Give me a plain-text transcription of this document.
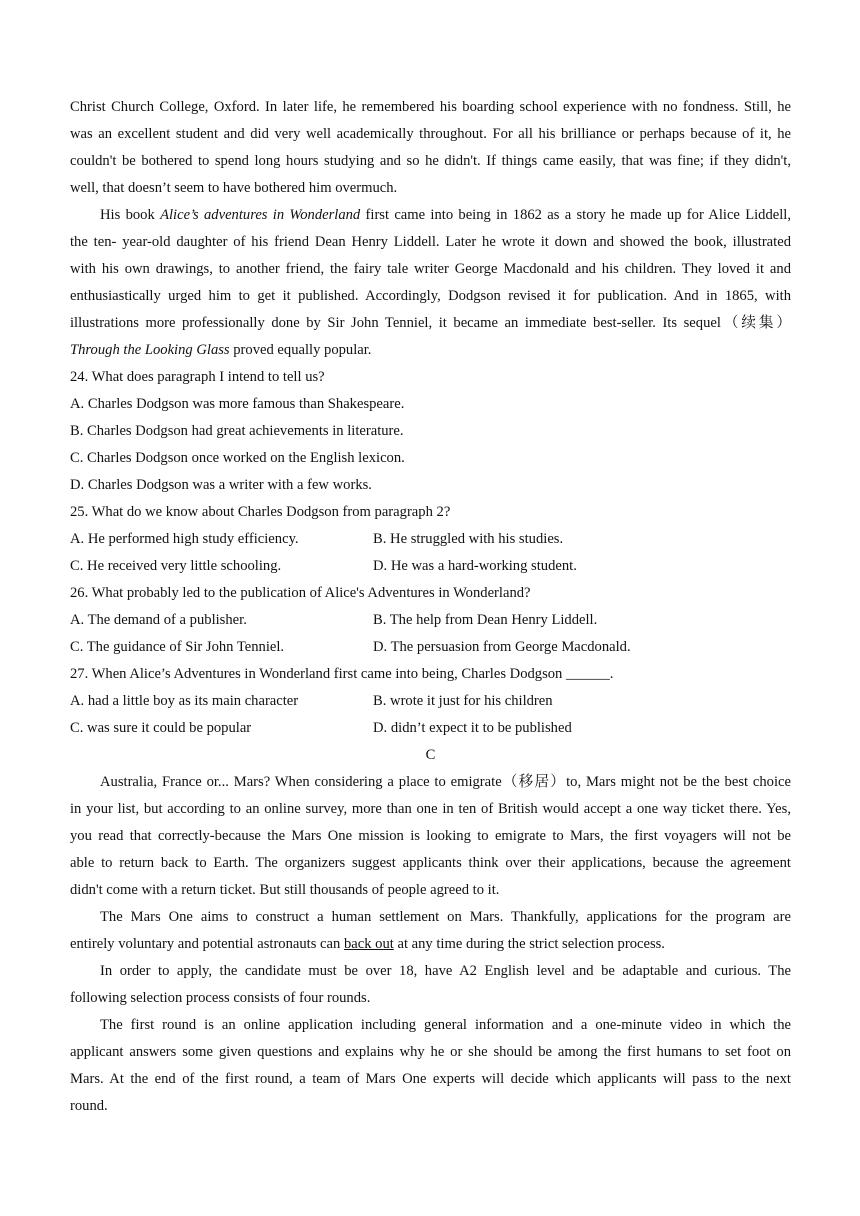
Christ Church College, Oxford. In later life, he remembered his boarding school experience with no fondness. Still, he
was an excellent student and did very well academically throughout. For all his brilliance or perhaps because of it, he
couldn't be bothered to spend long hours studying and so he didn't. If things came easily, that was fine; if they didn't,
well, that doesn’t seem to have bothered him overmuch.
His book Alice’s adventures in Wonderland first came into being in 1862 as a story he made up for Alice Liddell,
the ten- year-old daughter of his friend Dean Henry Liddell. Later he wrote it down and showed the book, illustrated
with his own drawings, to another friend, the fairy tale writer George Macdonald and his children. They loved it and
enthusiastically urged him to get it published. Accordingly, Dodgson revised it for publication. And in 1865, with
illustrations more professionally done by Sir John Tenniel, it became an immediate best-seller. Its sequel（续集）
Through the Looking Glass proved equally popular.
24. What does paragraph I intend to tell us?
A. Charles Dodgson was more famous than Shakespeare.
B. Charles Dodgson had great achievements in literature.
C. Charles Dodgson once worked on the English lexicon.
D. Charles Dodgson was a writer with a few works.
25. What do we know about Charles Dodgson from paragraph 2?
A. He performed high study efficiency.	B. He struggled with his studies.
C. He received very little schooling.	D. He was a hard-working student.
26. What probably led to the publication of Alice's Adventures in Wonderland?
A. The demand of a publisher.	B. The help from Dean Henry Liddell.
C. The guidance of Sir John Tenniel.	D. The persuasion from George Macdonald.
27. When Alice’s Adventures in Wonderland first came into being, Charles Dodgson ______.
A. had a little boy as its main character	B. wrote it just for his children
C. was sure it could be popular	D. didn’t expect it to be published
C
Australia, France or... Mars? When considering a place to emigrate（移居）to, Mars might not be the best choice
in your list, but according to an online survey, more than one in ten of British would accept a one way ticket there. Yes,
you read that correctly-because the Mars One mission is looking to emigrate to Mars, the first voyagers will not be
able to return back to Earth. The organizers suggest applicants think over their applications, because the agreement
didn't come with a return ticket. But still thousands of people agreed to it.
The Mars One aims to construct a human settlement on Mars. Thankfully, applications for the program are
entirely voluntary and potential astronauts can back out at any time during the strict selection process.
In order to apply, the candidate must be over 18, have A2 English level and be adaptable and curious. The
following selection process consists of four rounds.
The first round is an online application including general information and a one-minute video in which the
applicant answers some given questions and explains why he or she should be among the first humans to set foot on
Mars. At the end of the first round, a team of Mars One experts will decide which applicants will pass to the next
round.
